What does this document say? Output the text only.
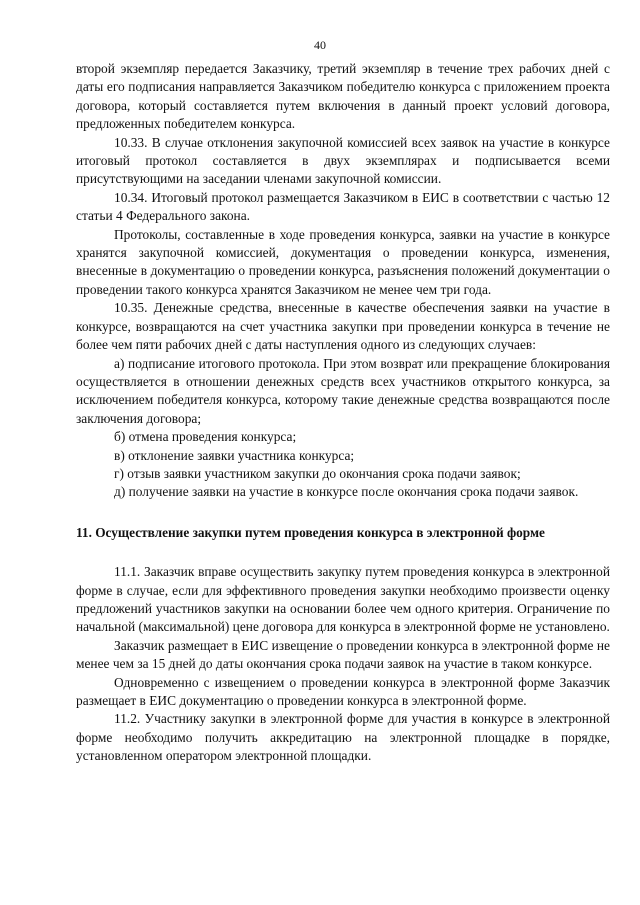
40

второй экземпляр передается Заказчику, третий экземпляр в течение трех рабочих дней с даты его подписания направляется Заказчиком победителю конкурса с приложением проекта договора, который составляется путем включения в данный проект условий договора, предложенных победителем конкурса.

10.33. В случае отклонения закупочной комиссией всех заявок на участие в конкурсе итоговый протокол составляется в двух экземплярах и подписывается всеми присутствующими на заседании членами закупочной комиссии.

10.34. Итоговый протокол размещается Заказчиком в ЕИС в соответствии с частью 12 статьи 4 Федерального закона.

Протоколы, составленные в ходе проведения конкурса, заявки на участие в конкурсе хранятся закупочной комиссией, документация о проведении конкурса, изменения, внесенные в документацию о проведении конкурса, разъяснения положений документации о проведении такого конкурса хранятся Заказчиком не менее чем три года.

10.35. Денежные средства, внесенные в качестве обеспечения заявки на участие в конкурсе, возвращаются на счет участника закупки при проведении конкурса в течение не более чем пяти рабочих дней с даты наступления одного из следующих случаев:

а) подписание итогового протокола. При этом возврат или прекращение блокирования осуществляется в отношении денежных средств всех участников открытого конкурса, за исключением победителя конкурса, которому такие денежные средства возвращаются после заключения договора;

б) отмена проведения конкурса;

в) отклонение заявки участника конкурса;

г) отзыв заявки участником закупки до окончания срока подачи заявок;

д) получение заявки на участие в конкурсе после окончания срока подачи заявок.

11. Осуществление закупки путем проведения конкурса в электронной форме

11.1. Заказчик вправе осуществить закупку путем проведения конкурса в электронной форме в случае, если для эффективного проведения закупки необходимо произвести оценку предложений участников закупки на основании более чем одного критерия. Ограничение по начальной (максимальной) цене договора для конкурса в электронной форме не установлено.

Заказчик размещает в ЕИС извещение о проведении конкурса в электронной форме не менее чем за 15 дней до даты окончания срока подачи заявок на участие в таком конкурсе.

Одновременно с извещением о проведении конкурса в электронной форме Заказчик размещает в ЕИС документацию о проведении конкурса в электронной форме.

11.2. Участнику закупки в электронной форме для участия в конкурсе в электронной форме необходимо получить аккредитацию на электронной площадке в порядке, установленном оператором электронной площадки.
